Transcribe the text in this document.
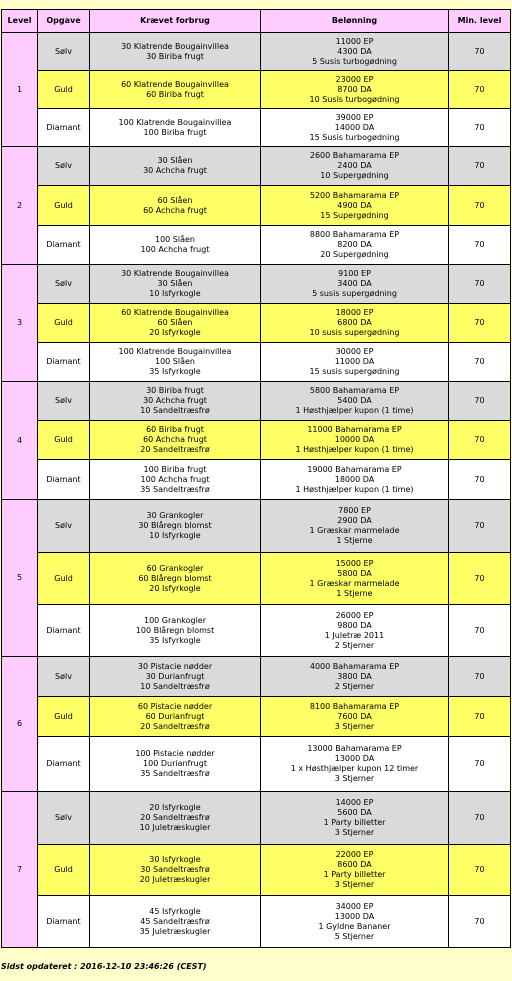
Level	Opgave	Krævet forbrug	Belønning	Min. level
1	Sølv	30 Klatrende Bougainvillea
30 Biriba frugt	11000 EP
4300 DA
5 Susis turbogødning	70
	Guld	60 Klatrende Bougainvillea
60 Biriba frugt	23000 EP
8700 DA
10 Susis turbogødning	70
	Diamant	100 Klatrende Bougainvillea
100 Biriba frugt	39000 EP
14000 DA
15 Susis turbogødning	70
2	Sølv	30 Slåen
30 Achcha frugt	2600 Bahamarama EP
2400 DA
10 Supergødning	70
	Guld	60 Slåen
60 Achcha frugt	5200 Bahamarama EP
4900 DA
15 Supergødning	70
	Diamant	100 Slåen
100 Achcha frugt	8800 Bahamarama EP
8200 DA
20 Supergødning	70
3	Sølv	30 Klatrende Bougainvillea
30 Slåen
10 Isfyrkogle	9100 EP
3400 DA
5 susis supergødning	70
	Guld	60 Klatrende Bougainvillea
60 Slåen
20 Isfyrkogle	18000 EP
6800 DA
10 susis supergødning	70
	Diamant	100 Klatrende Bougainvillea
100 Slåen
35 Isfyrkogle	30000 EP
11000 DA
15 susis supergødning	70
4	Sølv	30 Biriba frugt
30 Achcha frugt
10 Sandeltræsfrø	5800 Bahamarama EP
5400 DA
1 Høsthjælper kupon (1 time)	70
	Guld	60 Biriba frugt
60 Achcha frugt
20 Sandeltræsfrø	11000 Bahamarama EP
10000 DA
1 Høsthjælper kupon (1 time)	70
	Diamant	100 Biriba frugt
100 Achcha frugt
35 Sandeltræsfrø	19000 Bahamarama EP
18000 DA
1 Høsthjælper kupon (1 time)	70
5	Sølv	30 Grankogler
30 Blåregn blomst
10 Isfyrkogle	7800 EP
2900 DA
1 Græskar marmelade
1 Stjerne	70
	Guld	60 Grankogler
60 Blåregn blomst
20 Isfyrkogle	15000 EP
5800 DA
1 Græskar marmelade
1 Stjerne	70
	Diamant	100 Grankogler
100 Blåregn blomst
35 Isfyrkogle	26000 EP
9800 DA
1 Juletræ 2011
2 Stjerner	70
6	Sølv	30 Pistacie nødder
30 Durianfrugt
10 Sandeltræsfrø	4000 Bahamarama EP
3800 DA
2 Stjerner	70
	Guld	60 Pistacie nødder
60 Durianfrugt
20 Sandeltræsfrø	8100 Bahamarama EP
7600 DA
3 Stjerner	70
	Diamant	100 Pistacie nødder
100 Durianfrugt
35 Sandeltræsfrø	13000 Bahamarama EP
13000 DA
1 x Høsthjælper kupon 12 timer
3 Stjerner	70
7	Sølv	20 Isfyrkogle
20 Sandeltræsfrø
10 Juletræskugler	14000 EP
5600 DA
1 Party billetter
3 Stjerner	70
	Guld	30 Isfyrkogle
30 Sandeltræsfrø
20 Juletræskugler	22000 EP
8600 DA
1 Party billetter
3 Stjerner	70
	Diamant	45 Isfyrkogle
45 Sandeltræsfrø
35 Juletræskugler	34000 EP
13000 DA
1 Gyldne Bananer
5 Stjerner	70
Sidst opdateret : 2016-12-10 23:46:26 (CEST)
